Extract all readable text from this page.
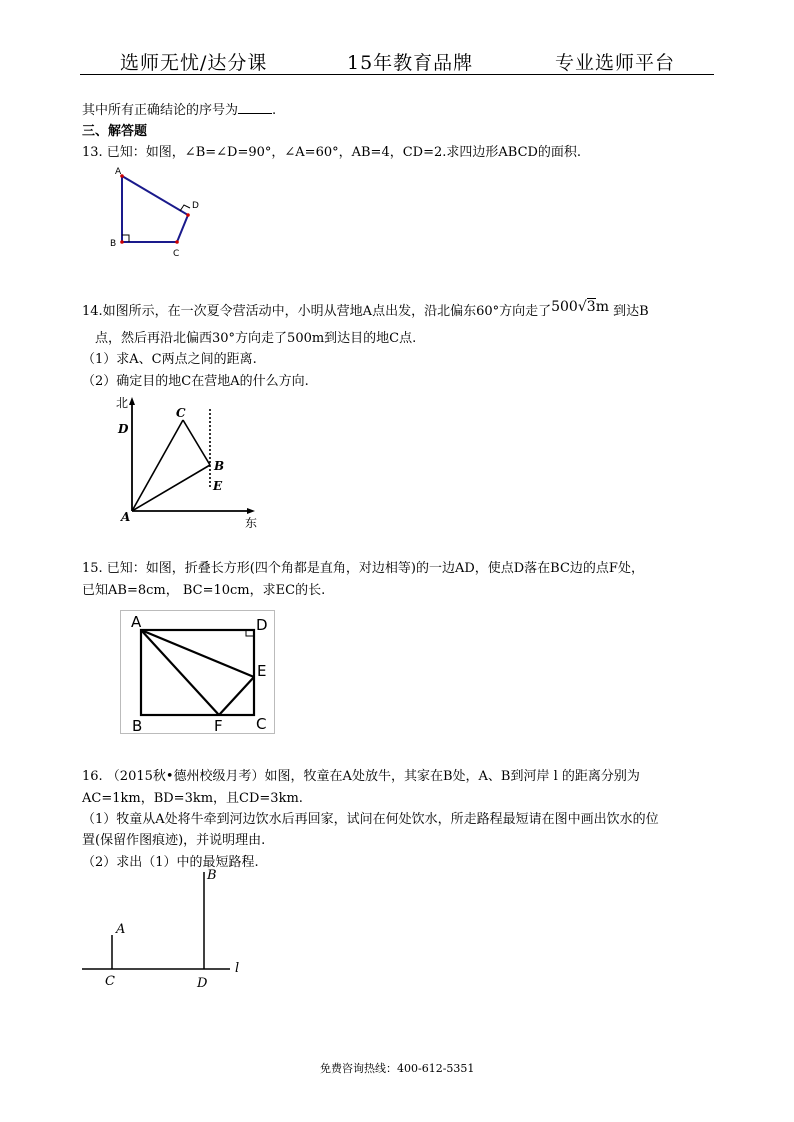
选师无忧/达分课	15年教育品牌	专业选师平台
其中所有正确结论的序号为	.
三、解答题
13. 已知：如图，∠B=∠D=90°，∠A=60°，AB=4，CD=2.求四边形ABCD的面积.
A
D
C
B
14.如图所示，在一次夏令营活动中，小明从营地A点出发，沿北偏东60°方向走了500√3m 到达B
点，然后再沿北偏西30°方向走了500m到达目的地C点.
（1）求A、C两点之间的距离.
（2）确定目的地C在营地A的什么方向.
北
东
D
C
B
E
A
15. 已知：如图，折叠长方形(四个角都是直角，对边相等)的一边AD，使点D落在BC边的点F处，
已知AB=8cm， BC=10cm，求EC的长.
A	D
E
B	F C
16. （2015秋•德州校级月考）如图，牧童在A处放牛，其家在B处，A、B到河岸 l 的距离分别为
AC=1km，BD=3km，且CD=3km.
（1）牧童从A处将牛牵到河边饮水后再回家，试问在何处饮水，所走路程最短请在图中画出饮水的位
置(保留作图痕迹)，并说明理由.
（2）求出（1）中的最短路程.
A
B
C	D
l
免费咨询热线：400-612-5351
